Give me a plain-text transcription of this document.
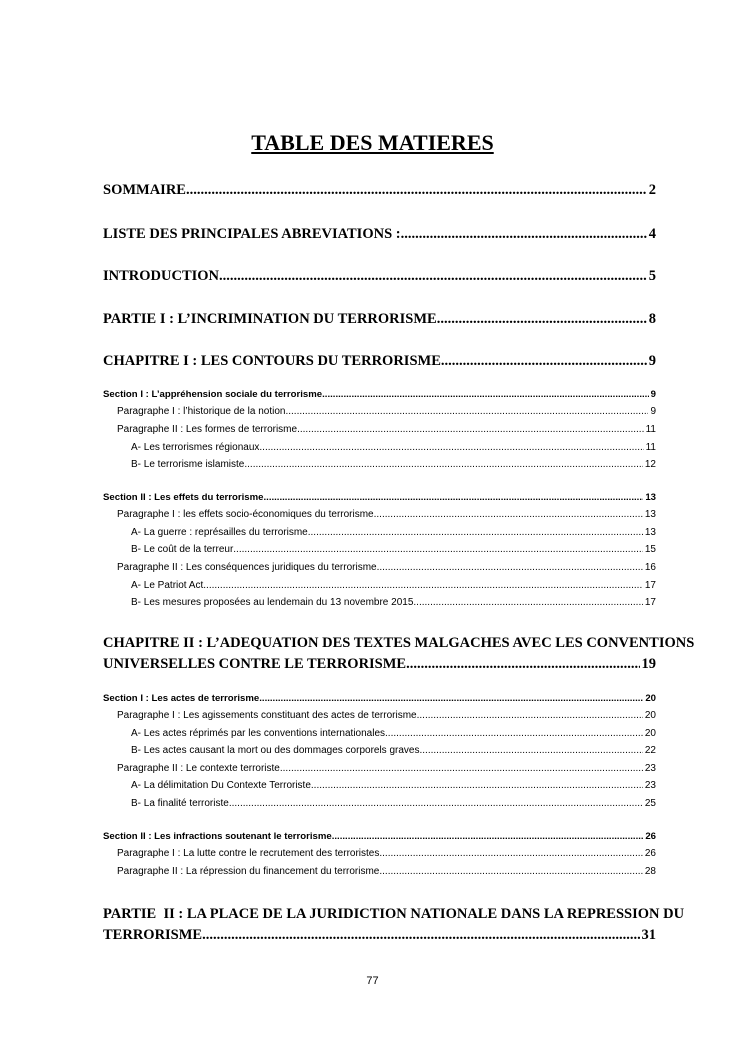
TABLE DES MATIERES
SOMMAIRE .....	2
LISTE DES PRINCIPALES ABREVIATIONS : .....	4
INTRODUCTION .....	5
PARTIE I : L’INCRIMINATION DU TERRORISME .....	8
CHAPITRE I : LES CONTOURS DU TERRORISME .....	9
Section I : L’appréhension sociale du terrorisme .....	9
Paragraphe I : l’historique de la notion .....	9
Paragraphe II : Les formes de terrorisme .....	11
A- Les terrorismes régionaux .....	11
B- Le terrorisme islamiste .....	12
Section II : Les effets du terrorisme .....	13
Paragraphe I : les effets socio-économiques du terrorisme .....	13
A- La guerre : représailles du terrorisme .....	13
B- Le coût de la terreur .....	15
Paragraphe II : Les conséquences juridiques du terrorisme. .....	16
A- Le Patriot Act .....	17
B- Les mesures proposées au lendemain du 13 novembre 2015 .....	17
CHAPITRE II : L’ADEQUATION DES TEXTES MALGACHES AVEC LES CONVENTIONS
UNIVERSELLES CONTRE LE TERRORISME .....	19
Section I : Les actes de terrorisme .....	20
Paragraphe I : Les agissements constituant des actes de terrorisme .....	20
A- Les actes réprimés par les conventions internationales .....	20
B- Les actes causant la mort ou des dommages corporels graves .....	22
Paragraphe II : Le contexte terroriste .....	23
A- La délimitation Du Contexte Terroriste .....	23
B- La finalité terroriste .....	25
Section II : Les infractions soutenant le terrorisme .....	26
Paragraphe I : La lutte contre le recrutement des terroristes .....	26
Paragraphe II : La répression du financement du terrorisme .....	28
PARTIE  II : LA PLACE DE LA JURIDICTION NATIONALE DANS LA REPRESSION DU
TERRORISME .....	31
77
